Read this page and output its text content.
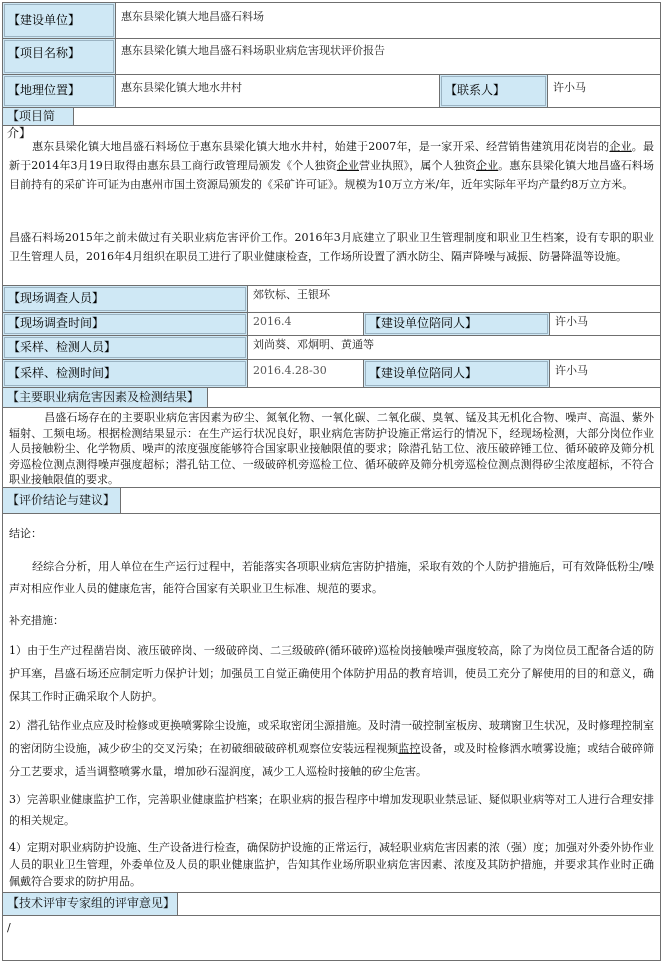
【建设单位】	惠东县梁化镇大地昌盛石料场
【项目名称】	惠东县梁化镇大地昌盛石料场职业病危害现状评价报告
【地理位置】	惠东县梁化镇大地水井村	【联系人】	许小马
【项目简介】

惠东县梁化镇大地昌盛石料场位于惠东县梁化镇大地水井村，始建于2007年，是一家开采、经营销售建筑用花岗岩的企业。最新于2014年3月19日取得由惠东县工商行政管理局颁发《个人独资企业营业执照》，属个人独资企业。惠东县梁化镇大地昌盛石料场目前持有的采矿许可证为由惠州市国土资源局颁发的《采矿许可证》。规模为10万立方米/年，近年实际年平均产量约8万立方米。

昌盛石料场2015年之前未做过有关职业病危害评价工作。2016年3月底建立了职业卫生管理制度和职业卫生档案，设有专职的职业卫生管理人员，2016年4月组织在职员工进行了职业健康检查，工作场所设置了洒水防尘、隔声降噪与减振、防暑降温等设施。

【现场调查人员】	郊钦标、王银环
【现场调查时间】	2016.4	【建设单位陪同人】	许小马
【采样、检测人员】	刘尚葵、邓炯明、黄通等
【采样、检测时间】	2016.4.28-30	【建设单位陪同人】	许小马
【主要职业病危害因素及检测结果】

昌盛石场存在的主要职业病危害因素为矽尘、氮氧化物、一氧化碳、二氧化碳、臭氧、锰及其无机化合物、噪声、高温、紫外辐射、工频电场。根据检测结果显示：在生产运行状况良好，职业病危害防护设施正常运行的情况下，经现场检测，大部分岗位作业人员接触粉尘、化学物质、噪声的浓度强度能够符合国家职业接触限值的要求；除潜孔钻工位、液压破碎锤工位、循环破碎及筛分机旁巡检位测点测得噪声强度超标；潜孔钻工位、一级破碎机旁巡检工位、循环破碎及筛分机旁巡检位测点测得矽尘浓度超标，不符合职业接触限值的要求。

【评价结论与建议】

结论：

经综合分析，用人单位在生产运行过程中，若能落实各项职业病危害防护措施，采取有效的个人防护措施后，可有效降低粉尘/噪声对相应作业人员的健康危害，能符合国家有关职业卫生标准、规范的要求。

补充措施：

1）由于生产过程凿岩岗、液压破碎岗、一级破碎岗、二三级破碎(循环破碎)巡检岗接触噪声强度较高，除了为岗位员工配备合适的防护耳塞，昌盛石场还应制定听力保护计划；加强员工自觉正确使用个体防护用品的教育培训，使员工充分了解使用的目的和意义，确保其工作时正确采取个人防护。

2）潜孔钻作业点应及时检修或更换喷雾除尘设施，或采取密闭尘源措施。及时清一破控制室板房、玻璃窗卫生状况，及时修理控制室的密闭防尘设施，减少矽尘的交叉污染；在初破细破破碎机观察位安装远程视频监控设备，或及时检修洒水喷雾设施；或结合破碎筛分工艺要求，适当调整喷雾水量，增加砂石湿润度，减少工人巡检时接触的矽尘危害。

3）完善职业健康监护工作，完善职业健康监护档案；在职业病的报告程序中增加发现职业禁忌证、疑似职业病等对工人进行合理安排的相关规定。

4）定期对职业病防护设施、生产设备进行检查，确保防护设施的正常运行，减轻职业病危害因素的浓（强）度；加强对外委外协作业人员的职业卫生管理，外委单位及人员的职业健康监护，告知其作业场所职业病危害因素、浓度及其防护措施，并要求其作业时正确佩戴符合要求的防护用品。

【技术评审专家组的评审意见】

/
